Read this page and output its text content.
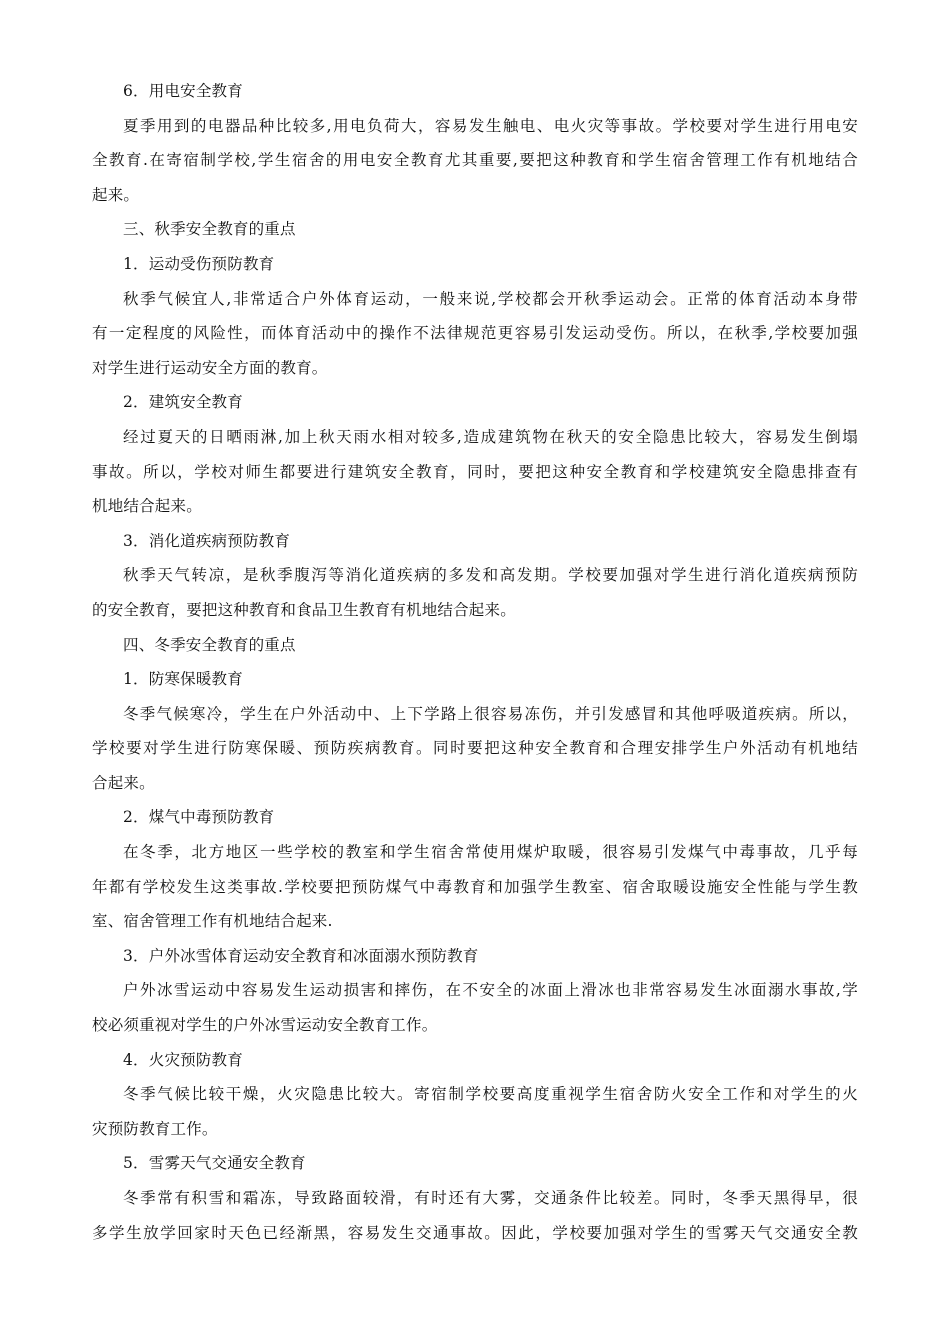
6．用电安全教育
夏季用到的电器品种比较多,用电负荷大，容易发生触电、电火灾等事故。学校要对学生进行用电安
全教育.在寄宿制学校,学生宿舍的用电安全教育尤其重要,要把这种教育和学生宿舍管理工作有机地结合
起来。
三、秋季安全教育的重点
1．运动受伤预防教育
秋季气候宜人,非常适合户外体育运动，一般来说,学校都会开秋季运动会。正常的体育活动本身带
有一定程度的风险性，而体育活动中的操作不法律规范更容易引发运动受伤。所以，在秋季,学校要加强
对学生进行运动安全方面的教育。
2．建筑安全教育
经过夏天的日晒雨淋,加上秋天雨水相对较多,造成建筑物在秋天的安全隐患比较大，容易发生倒塌
事故。所以，学校对师生都要进行建筑安全教育，同时，要把这种安全教育和学校建筑安全隐患排查有
机地结合起来。
3．消化道疾病预防教育
秋季天气转凉，是秋季腹泻等消化道疾病的多发和高发期。学校要加强对学生进行消化道疾病预防
的安全教育，要把这种教育和食品卫生教育有机地结合起来。
四、冬季安全教育的重点
1．防寒保暖教育
冬季气候寒冷，学生在户外活动中、上下学路上很容易冻伤，并引发感冒和其他呼吸道疾病。所以，
学校要对学生进行防寒保暖、预防疾病教育。同时要把这种安全教育和合理安排学生户外活动有机地结
合起来。
2．煤气中毒预防教育
在冬季，北方地区一些学校的教室和学生宿舍常使用煤炉取暖，很容易引发煤气中毒事故，几乎每
年都有学校发生这类事故.学校要把预防煤气中毒教育和加强学生教室、宿舍取暖设施安全性能与学生教
室、宿舍管理工作有机地结合起来.
3．户外冰雪体育运动安全教育和冰面溺水预防教育
户外冰雪运动中容易发生运动损害和摔伤，在不安全的冰面上滑冰也非常容易发生冰面溺水事故,学
校必须重视对学生的户外冰雪运动安全教育工作。
4．火灾预防教育
冬季气候比较干燥，火灾隐患比较大。寄宿制学校要高度重视学生宿舍防火安全工作和对学生的火
灾预防教育工作。
5．雪雾天气交通安全教育
冬季常有积雪和霜冻，导致路面较滑，有时还有大雾，交通条件比较差。同时，冬季天黑得早，很
多学生放学回家时天色已经渐黑，容易发生交通事故。因此，学校要加强对学生的雪雾天气交通安全教
